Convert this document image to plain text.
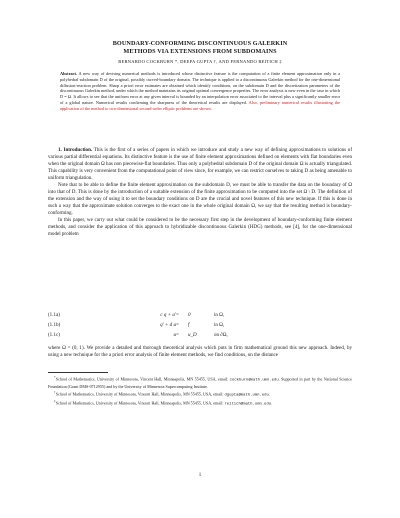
BOUNDARY-CONFORMING DISCONTINUOUS GALERKIN
METHODS VIA EXTENSIONS FROM SUBDOMAINS
BERNARDO COCKBURN *, DEEPA GUPTA †, AND FERNANDO REITICH ‡
Abstract. A new way of devising numerical methods is introduced whose distinctive feature is the computation of a finite element approximation only in a polyhedral subdomain D of the original, possibly curved-boundary domain. The technique is applied to a discontinuous Galerkin method for the one-dimensional diffusion-reaction problem. Sharp a priori error estimates are obtained which identify conditions, on the subdomain D and the discretization parameters of the discontinuous Galerkin method, under which the method maintains its original optimal convergence properties. The error analysis is new even in the case in which D = Ω. It allows to see that the uniform error at any given interval is bounded by an interpolation error associated to the interval plus a significantly smaller error of a global nature. Numerical results confirming the sharpness of the theoretical results are displayed. Also, preliminary numerical results illustrating the application of the method to two-dimensional second-order elliptic problems are shown.

1. Introduction. This is the first of a series of papers in which we introduce and study a new way of defining approximations to solutions of various partial differential equations. Its distinctive feature is the use of finite element approximations defined on elements with flat boundaries even when the original domain Ω has non piecewise-flat boundaries. Thus only a polyhedral subdomain D of the original domain Ω is actually triangulated. This capability is very convenient from the computational point of view since, for example, we can restrict ourselves to taking D as being amenable to uniform triangulation.

Note that to be able to define the finite element approximation on the subdomain D, we must be able to transfer the data on the boundary of Ω into that of D. This is done by the introduction of a suitable extension of the finite approximation to be computed into the set Ω \ D. The definition of the extension and the way of using it to set the boundary conditions on D are the crucial and novel features of this new technique. If this is done in such a way that the approximate solution converges to the exact one in the whole original domain Ω, we say that the resulting method is boundary-conforming.

In this paper, we carry out what could be considered to be the necessary first step in the development of boundary-conforming finite element methods, and consider the application of this approach to hybridizable discontinuous Galerkin (HDG) methods, see [4], for the one-dimensional model problem

(1.1a)	c q + u′ = 0	in Ω,
(1.1b)	q′ + d u = f	in Ω,
(1.1c)	u = u_D	on ∂Ω,

where Ω = (0, 1). We provide a detailed and thorough theoretical analysis which puts in firm mathematical ground this new approach. Indeed, by using a new technique for the a priori error analysis of finite element methods, we find conditions, on the distance

*School of Mathematics, University of Minnesota, Vincent Hall, Minneapolis, MN 55455, USA, email: cockburn@math.umn.edu. Supported in part by the National Science Foundation (Grant DMS-0712955) and by the University of Minnesota Supercomputing Institute.

†School of Mathematics, University of Minnesota, Vincent Hall, Minneapolis, MN 55455, USA, email: dgupta@math.umn.edu.

‡School of Mathematics, University of Minnesota, Vincent Hall, Minneapolis, MN 55455, USA, email: reitich@math.umn.edu.

1
